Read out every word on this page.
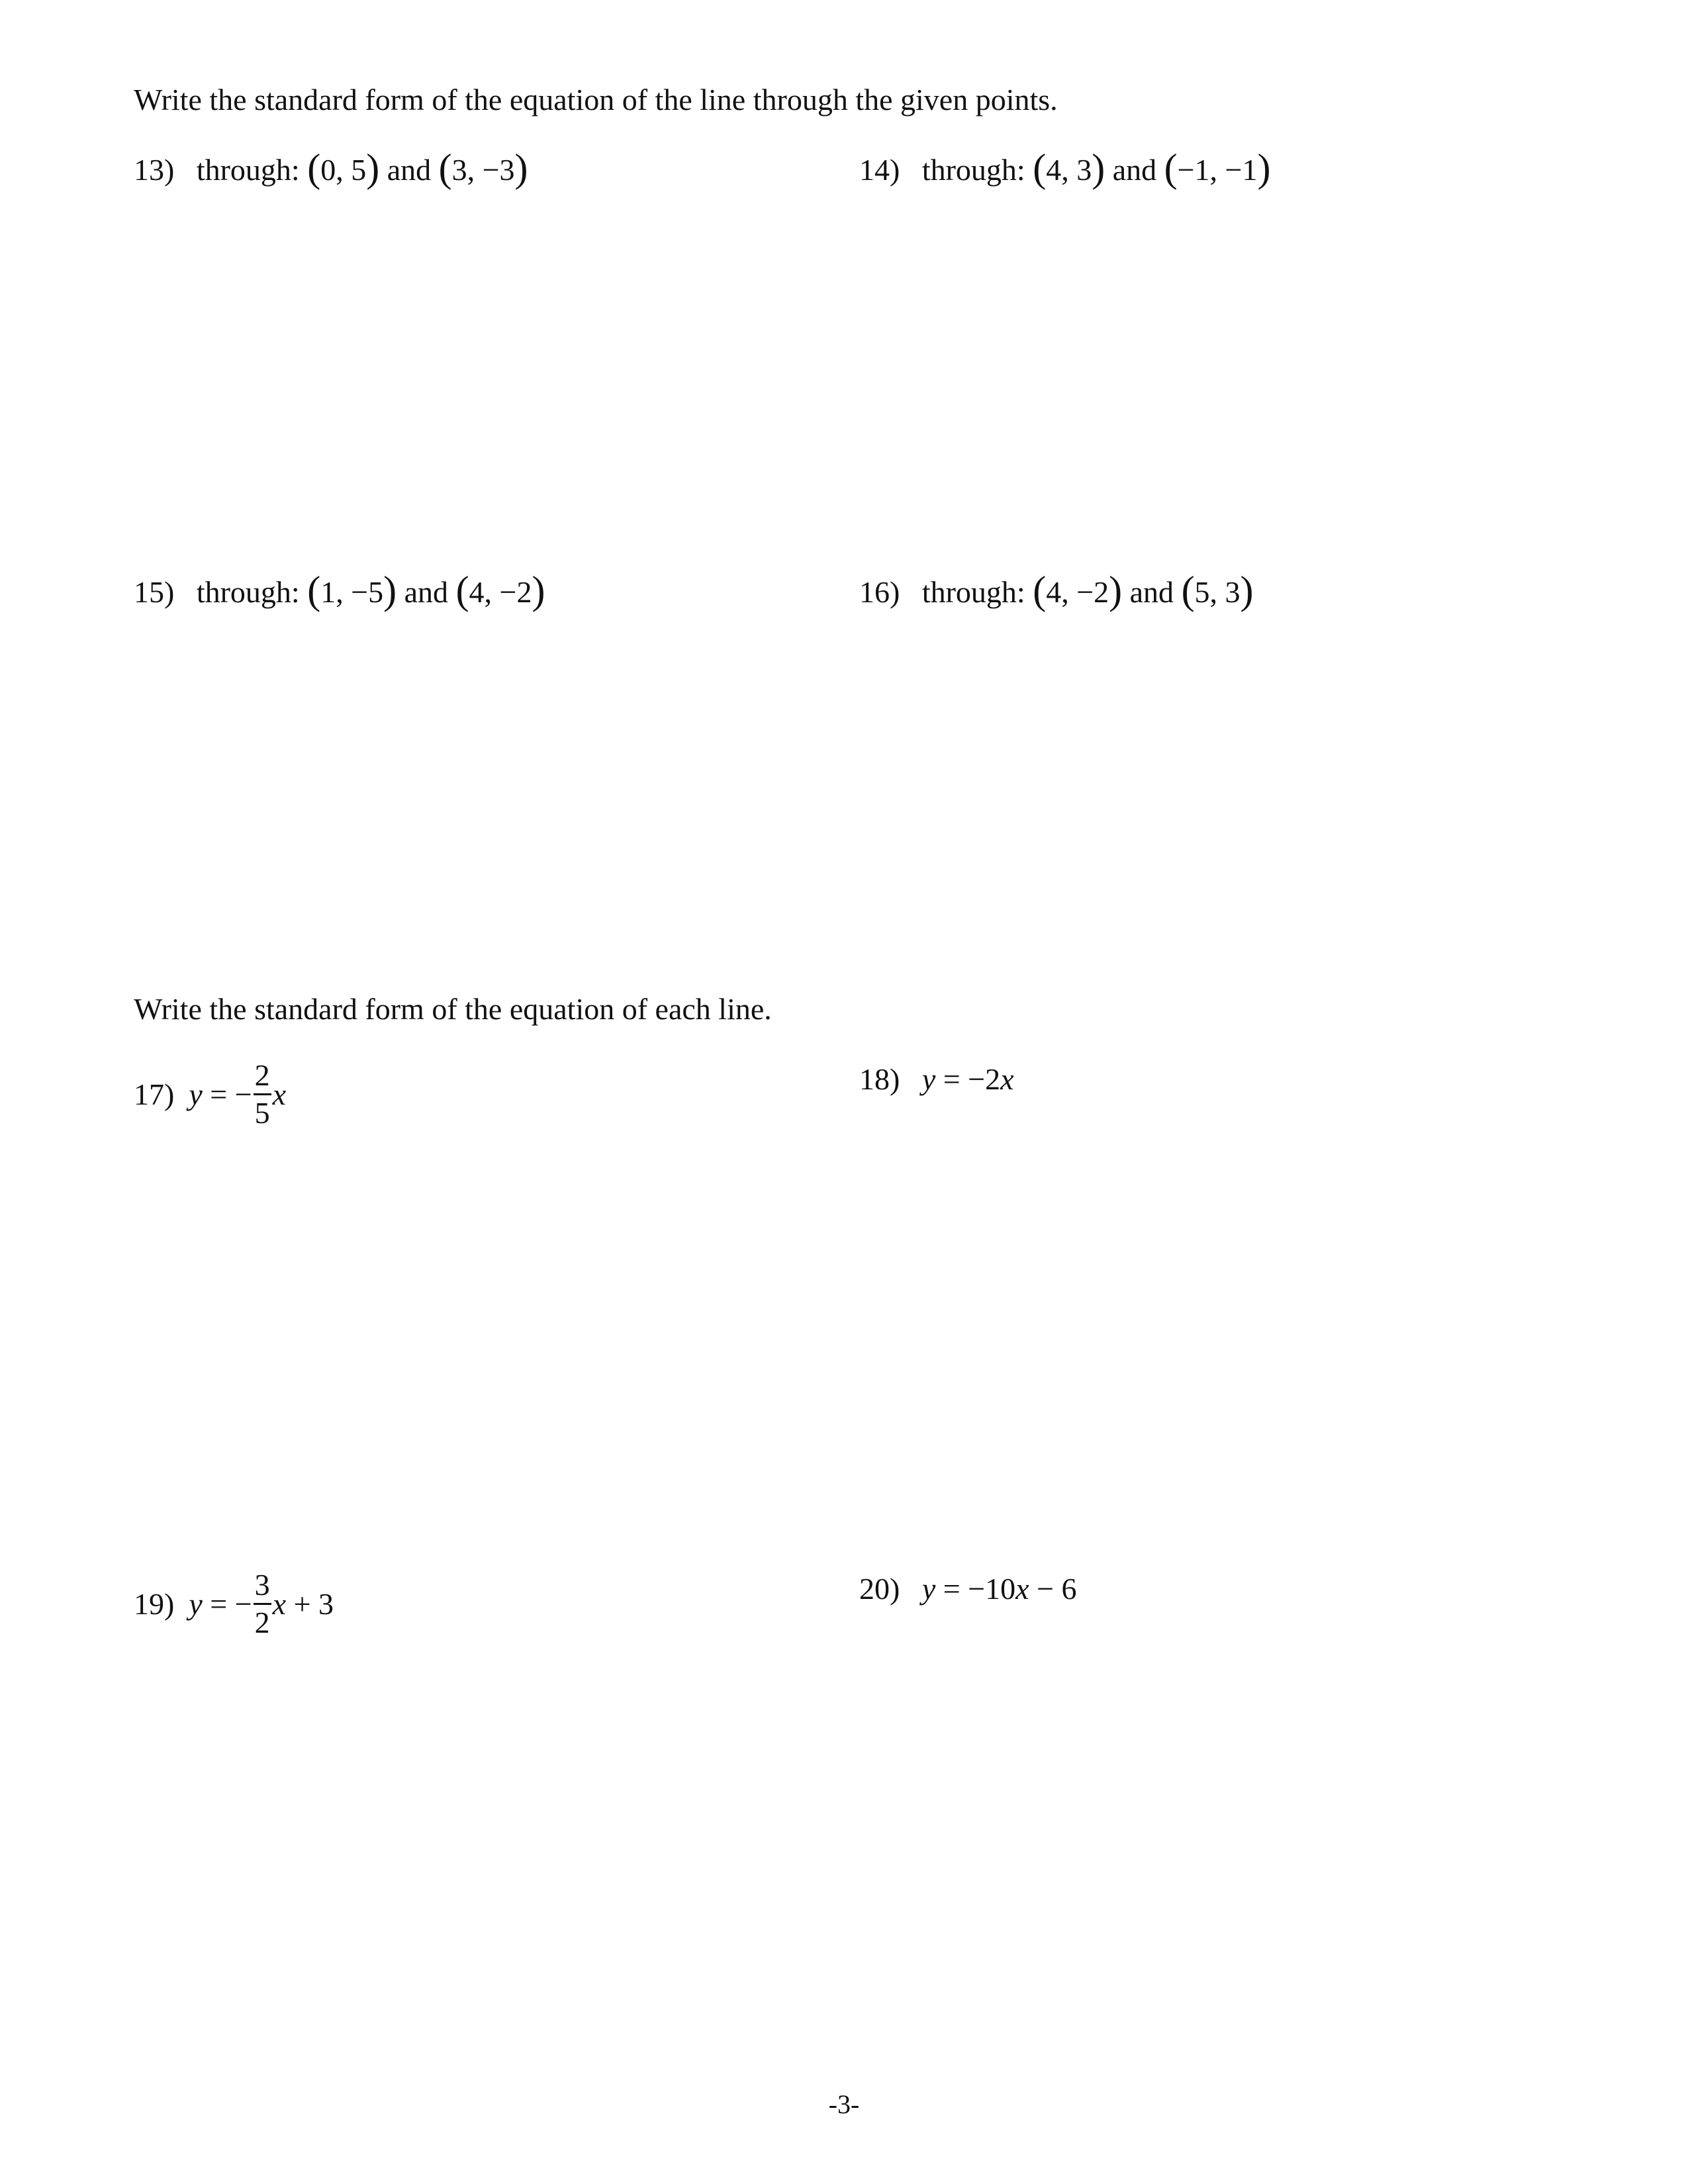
Write the standard form of the equation of the line through the given points.
13) through: (0, 5) and (3, −3)	14) through: (4, 3) and (−1, −1)
15) through: (1, −5) and (4, −2)	16) through: (4, −2) and (5, 3)
Write the standard form of the equation of each line.
17) y = − $\frac{2}{5}$ x	18) y = −2x
19) y = − $\frac{3}{2}$ x + 3	20) y = −10x − 6
-3-
